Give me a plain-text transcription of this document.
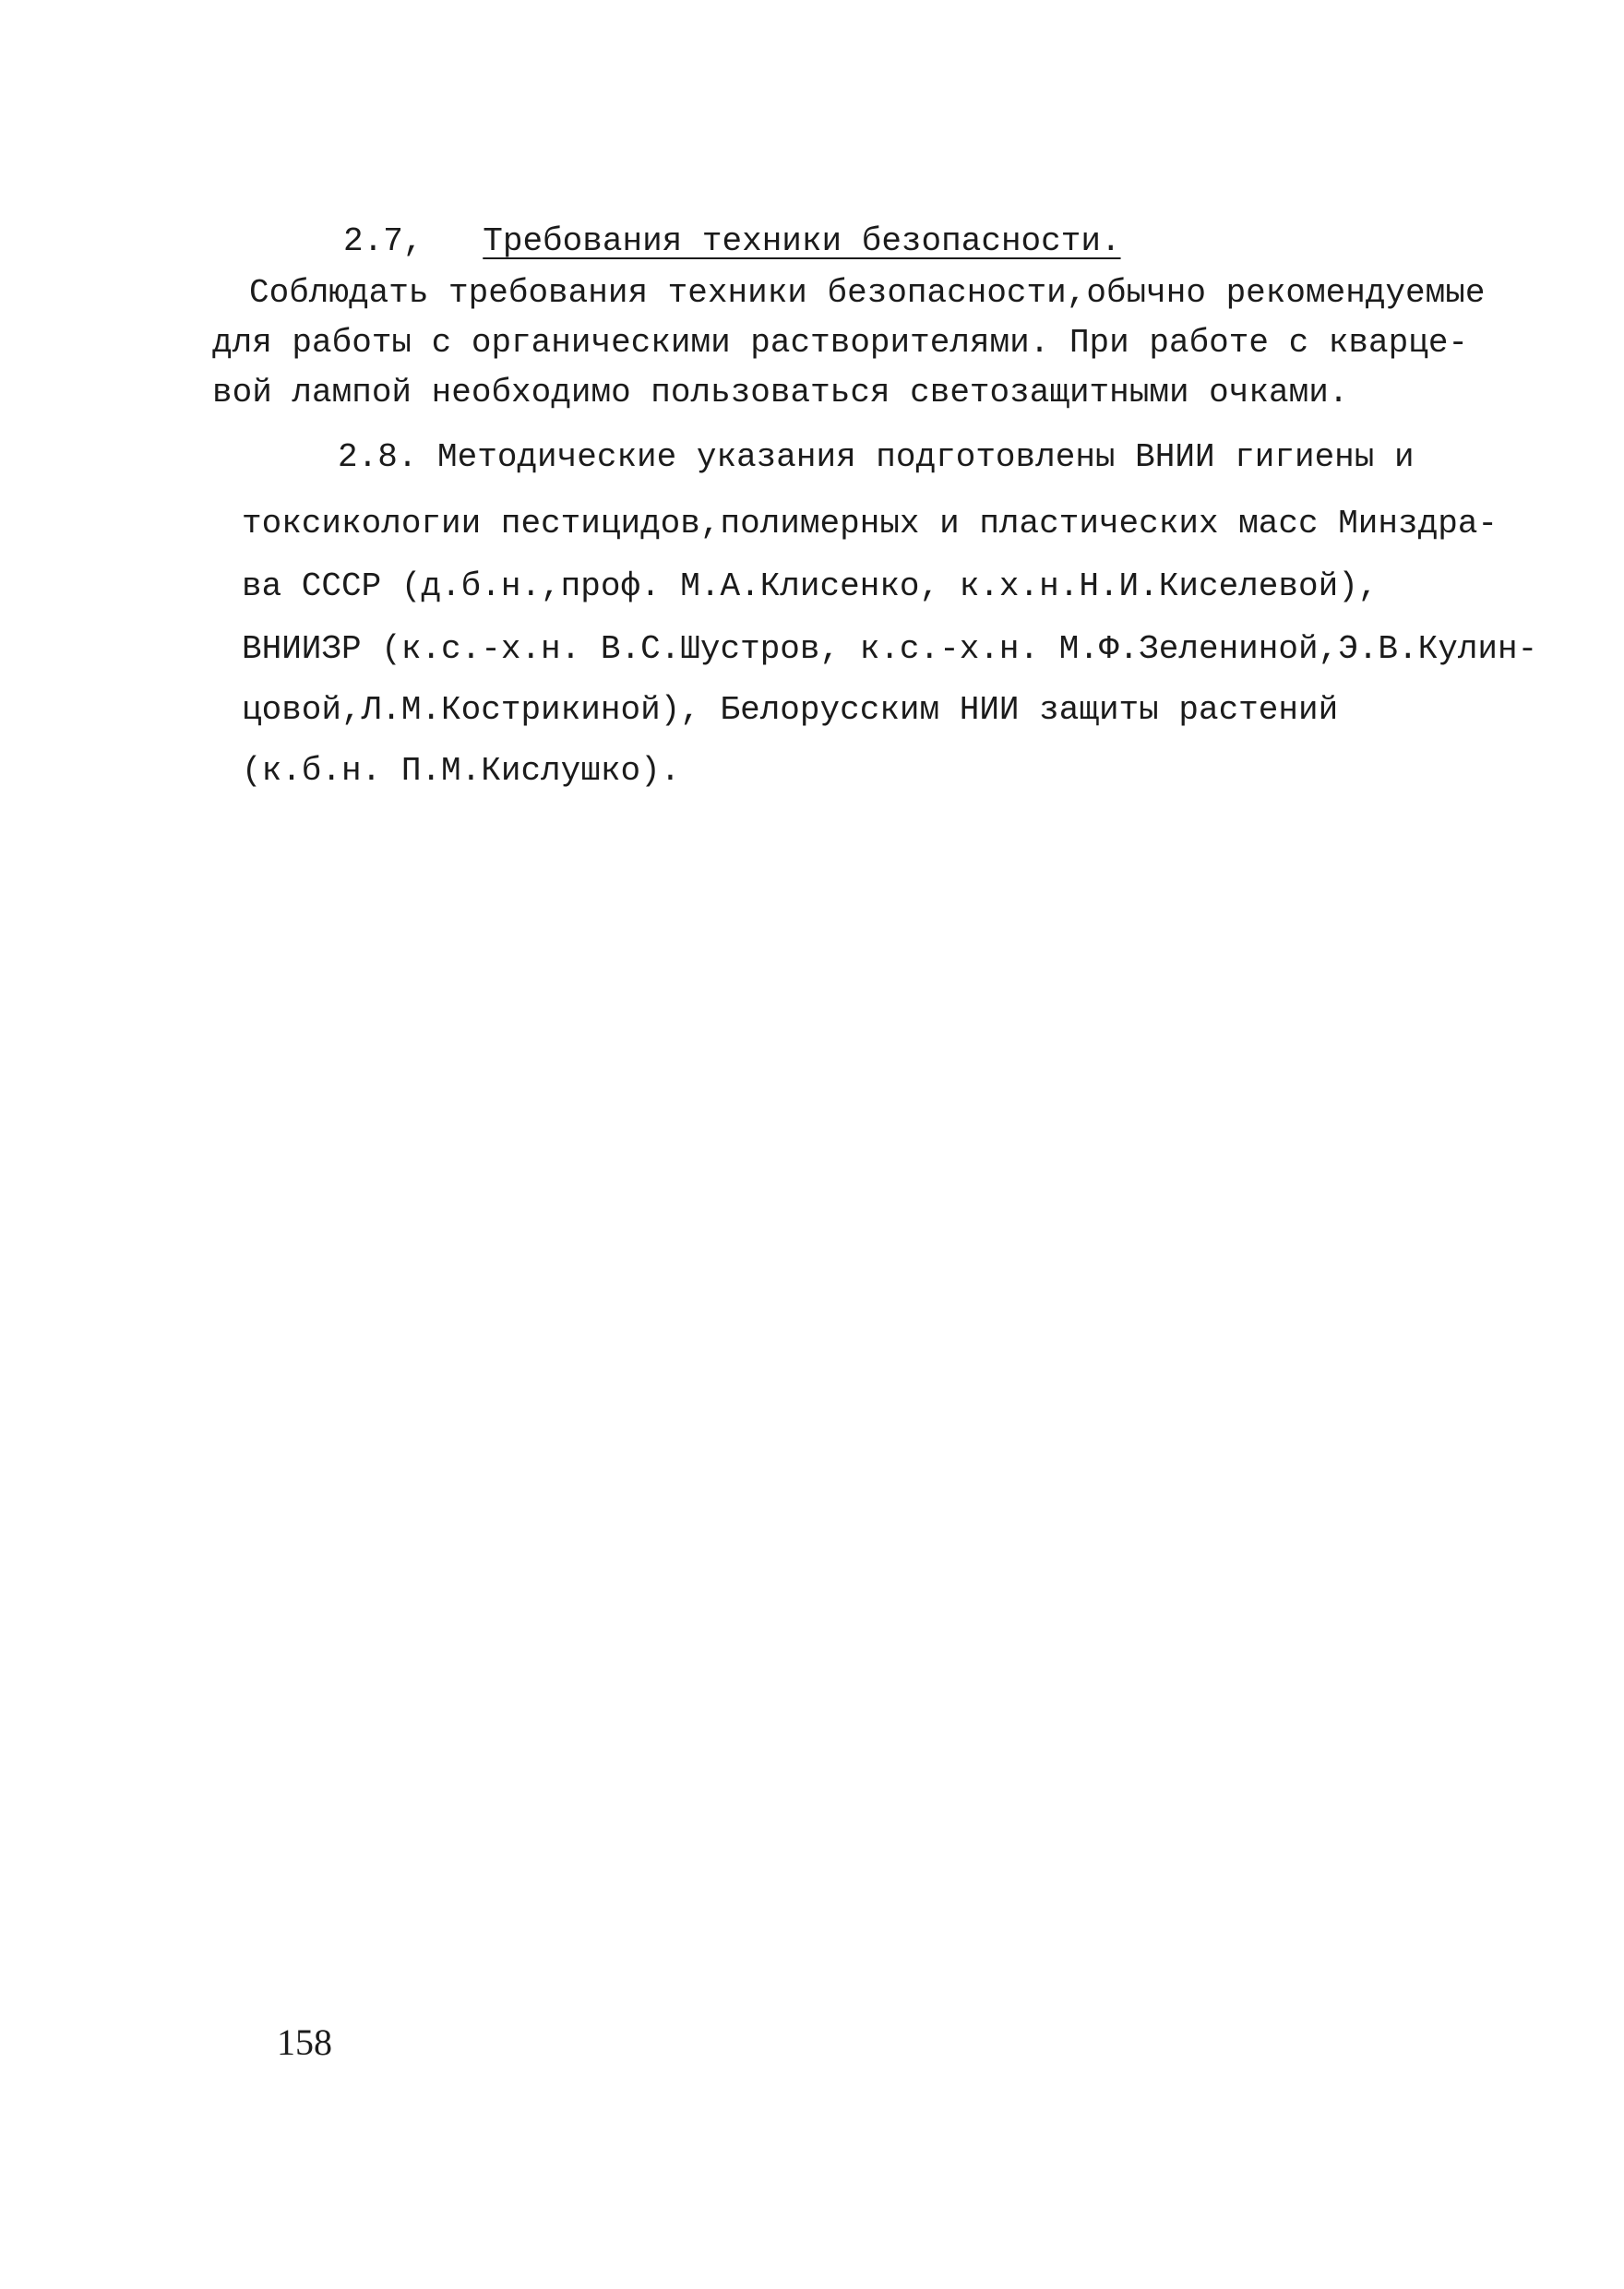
2.7, Требования техники безопасности.
Соблюдать требования техники безопасности,обычно рекомендуемые
для работы с органическими растворителями. При работе с кварце-
вой лампой необходимо пользоваться светозащитными очками.
2.8. Методические указания подготовлены ВНИИ гигиены и
токсикологии пестицидов,полимерных и пластических масс Минздра-
ва СССР (д.б.н.,проф. М.А.Клисенко, к.х.н.Н.И.Киселевой),
ВНИИЗР (к.с.-х.н. В.С.Шустров, к.с.-х.н. М.Ф.Зелениной,Э.В.Кулин-
цовой,Л.М.Кострикиной), Белорусским НИИ защиты растений
(к.б.н. П.М.Кислушко).
158
